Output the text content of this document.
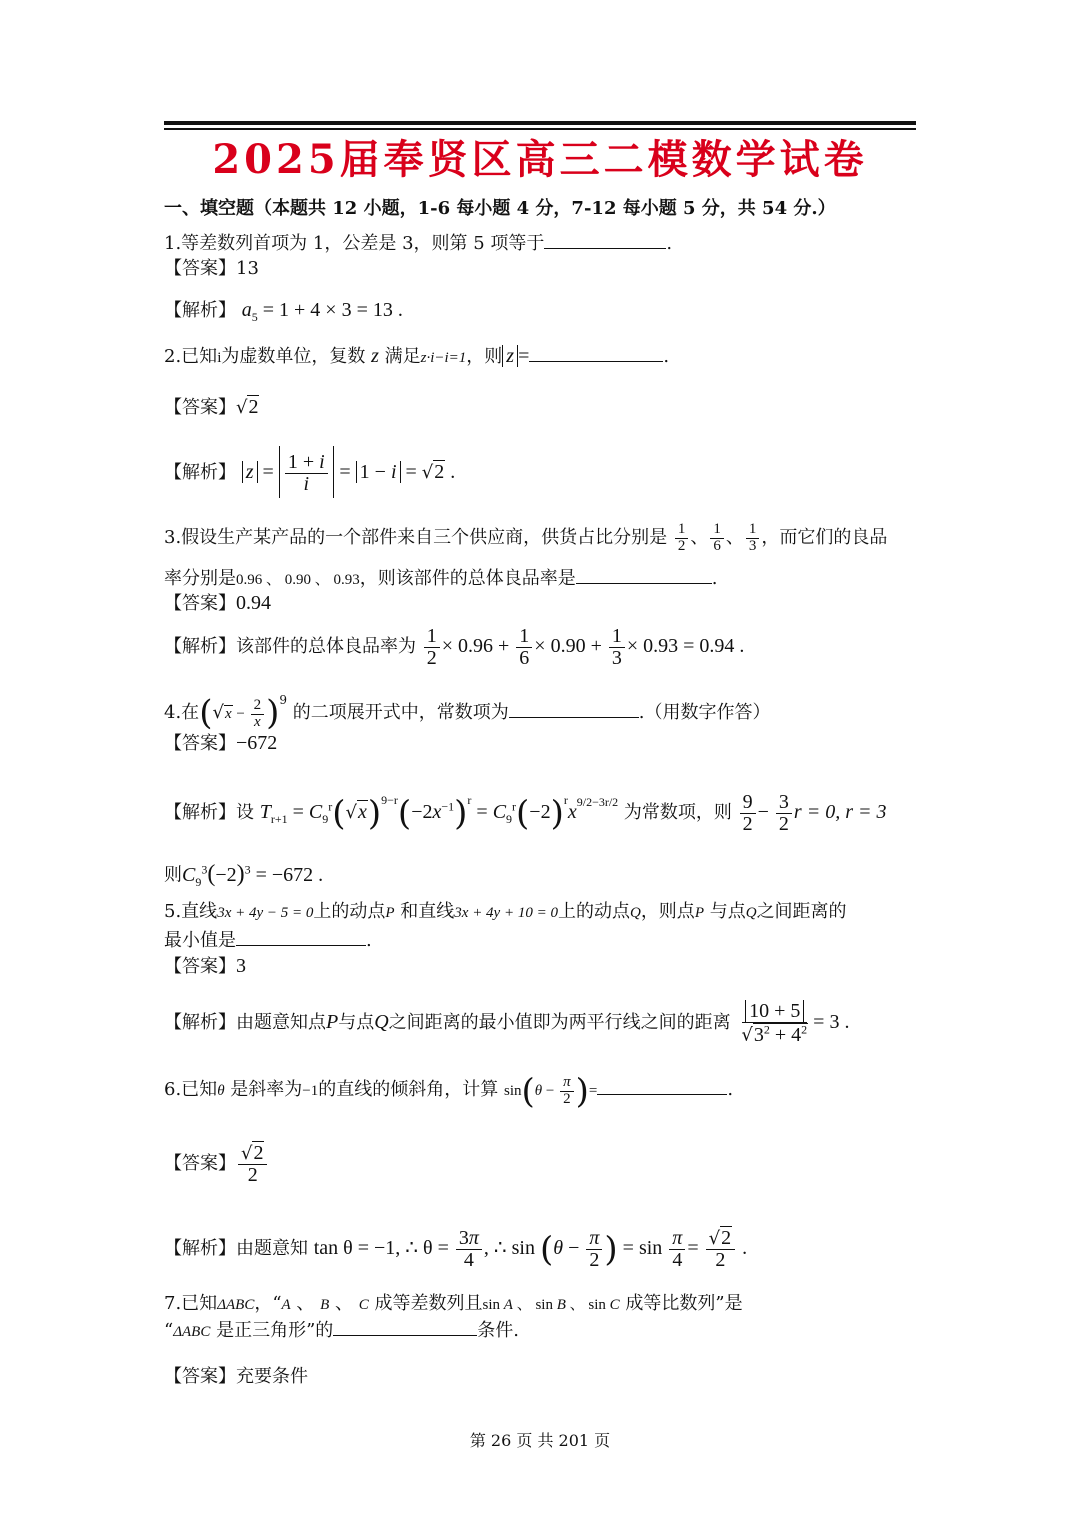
2025届奉贤区高三二模数学试卷
一、填空题（本题共 12 小题，1-6 每小题 4 分，7-12 每小题 5 分，共 54 分.）
1.等差数列首项为 1，公差是 3，则第 5 项等于	.
【答案】13
【解析】 $a_5 = 1 + 4 \times 3 = 13$ .
2.已知i为虚数单位，复数 z 满足z·i−i=1，则 z =	.
【答案】√2
【解析】 $z = \frac{1 + i}{i} = 1 - i = √2$ .
3.假设生产某产品的一个部件来自三个供应商，供货占比分别是 $\frac{1}{2}$ 、 $\frac{1}{6}$ 、 $\frac{1}{3}$ ，而它们的良品
率分别是0.96 、 0.90 、 0.93，则该部件的总体良品率是	.
【答案】0.94
【解析】该部件的总体良品率为 $\frac{1}{2} \times 0.96 + \frac{1}{6} \times 0.90 + \frac{1}{3} \times 0.93 = 0.94$ .
4.在$(√x - \frac{2}{x} )^9$ 的二项展开式中，常数项为	.（用数字作答）
【答案】−672
【解析】设 $T_{r+1} = C_9^r(√x)^{9-r}(-2x^{-1})^r = C_9^r(-2)^rx^{9/2-3r/2}$ 为常数项，则 $\frac{9}{2} - \frac{3}{2}$ r = 0, r = 3
则$C_9^3(-2)^3 = -672$ .
5.直线3x + 4y − 5 = 0上的动点P 和直线3x + 4y + 10 = 0上的动点Q，则点P 与点Q之间距离的
最小值是	.
【答案】3
【解析】由题意知点P与点Q之间距离的最小值即为两平行线之间的距离 $\frac{10 + 5}{√3^2 + 4^2} = 3$ .
6.已知θ 是斜率为−1的直线的倾斜角，计算 $\sin(\theta - \frac{\pi}{2}$ )=	.
【答案】 $\frac{√2}{2}$
【解析】由题意知 tan θ = −1, ∴ $\theta = \frac{3\pi}{4}$ , ∴ $\sin (\theta - \frac{\pi}{2}$ ) = $\sin \frac{\pi}{4} = \frac{√2}{2}$ .
7.已知ΔABC，“A 、 B 、 C 成等差数列且sin A 、 sin B 、 sin C 成等比数列”是
“ΔABC 是正三角形”的	条件.
【答案】充要条件
第 26 页 共 201 页
